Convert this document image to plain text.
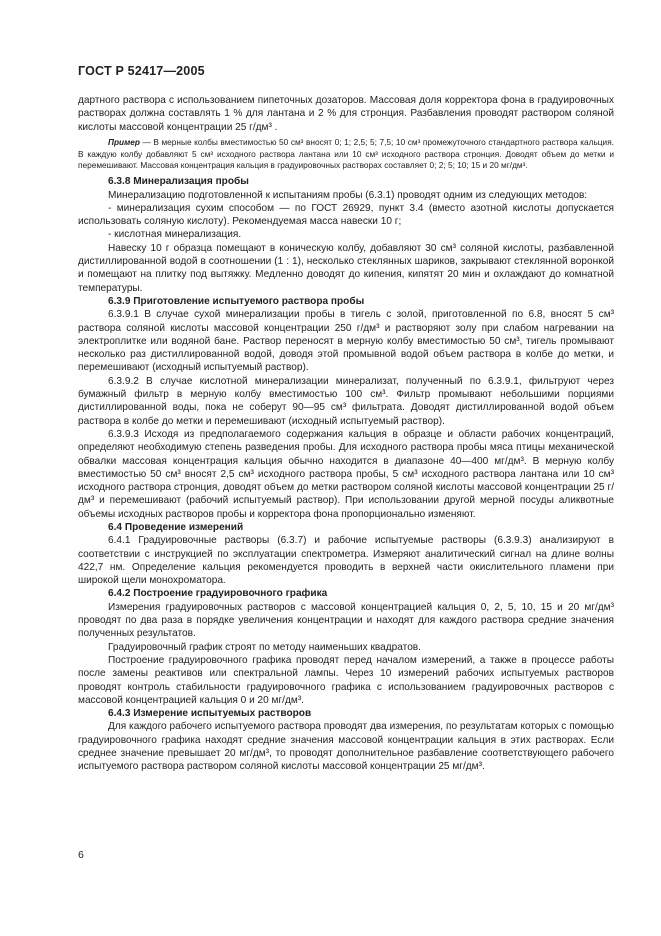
ГОСТ Р 52417—2005

дартного раствора с использованием пипеточных дозаторов. Массовая доля корректора фона в градуировочных растворах должна составлять 1 % для лантана и 2 % для стронция. Разбавления проводят раствором соляной кислоты массовой концентрации 25 г/дм³ .

Пример — В мерные колбы вместимостью 50 см³ вносят 0; 1; 2,5; 5; 7,5; 10 см³ промежуточного стандартного раствора кальция. В каждую колбу добавляют 5 см³ исходного раствора лантана или 10 см³ исходного раствора стронция. Доводят объем до метки и перемешивают. Массовая концентрация кальция в градуировочных растворах составляет 0; 2; 5; 10; 15 и 20 мг/дм³.

6.3.8 Минерализация пробы

Минерализацию подготовленной к испытаниям пробы (6.3.1) проводят одним из следующих методов:

- минерализация сухим способом — по ГОСТ 26929, пункт 3.4 (вместо азотной кислоты допускается использовать соляную кислоту). Рекомендуемая масса навески 10 г;

- кислотная минерализация.

Навеску 10 г образца помещают в коническую колбу, добавляют 30 см³ соляной кислоты, разбавленной дистиллированной водой в соотношении (1 : 1), несколько стеклянных шариков, закрывают стеклянной воронкой и помещают на плитку под вытяжку. Медленно доводят до кипения, кипятят 20 мин и охлаждают до комнатной температуры.

6.3.9 Приготовление испытуемого раствора пробы

6.3.9.1 В случае сухой минерализации пробы в тигель с золой, приготовленной по 6.8, вносят 5 см³ раствора соляной кислоты массовой концентрации 250 г/дм³ и растворяют золу при слабом нагревании на электроплитке или водяной бане. Раствор переносят в мерную колбу вместимостью 50 см³, тигель промывают несколько раз дистиллированной водой, доводя этой промывной водой объем раствора в колбе до метки, и перемешивают (исходный испытуемый раствор).

6.3.9.2 В случае кислотной минерализации минерализат, полученный по 6.3.9.1, фильтруют через бумажный фильтр в мерную колбу вместимостью 100 см³. Фильтр промывают небольшими порциями дистиллированной воды, пока не соберут 90—95 см³ фильтрата. Доводят дистиллированной водой объем раствора в колбе до метки и перемешивают (исходный испытуемый раствор).

6.3.9.3 Исходя из предполагаемого содержания кальция в образце и области рабочих концентраций, определяют необходимую степень разведения пробы. Для исходного раствора пробы мяса птицы механической обвалки массовая концентрация кальция обычно находится в диапазоне 40—400 мг/дм³. В мерную колбу вместимостью 50 см³ вносят 2,5 см³ исходного раствора пробы, 5 см³ исходного раствора лантана или 10 см³ исходного раствора стронция, доводят объем до метки раствором соляной кислоты массовой концентрации 25 г/дм³ и перемешивают (рабочий испытуемый раствор). При использовании другой мерной посуды аликвотные объемы исходных растворов пробы и корректора фона пропорционально изменяют.

6.4 Проведение измерений

6.4.1 Градуировочные растворы (6.3.7) и рабочие испытуемые растворы (6.3.9.3) анализируют в соответствии с инструкцией по эксплуатации спектрометра. Измеряют аналитический сигнал на длине волны 422,7 нм. Определение кальция рекомендуется проводить в верхней части окислительного пламени при широкой щели монохроматора.

6.4.2 Построение градуировочного графика

Измерения градуировочных растворов с массовой концентрацией кальция 0, 2, 5, 10, 15 и 20 мг/дм³ проводят по два раза в порядке увеличения концентрации и находят для каждого раствора средние значения полученных результатов.

Градуировочный график строят по методу наименьших квадратов.

Построение градуировочного графика проводят перед началом измерений, а также в процессе работы после замены реактивов или спектральной лампы. Через 10 измерений рабочих испытуемых растворов проводят контроль стабильности градуировочного графика с использованием градуировочных растворов с массовой концентрацией кальция 0 и 20 мг/дм³.

6.4.3 Измерение испытуемых растворов

Для каждого рабочего испытуемого раствора проводят два измерения, по результатам которых с помощью градуировочного графика находят средние значения массовой концентрации кальция в этих растворах. Если среднее значение превышает 20 мг/дм³, то проводят дополнительное разбавление соответствующего рабочего испытуемого раствора раствором соляной кислоты массовой концентрации 25 мг/дм³.

6
